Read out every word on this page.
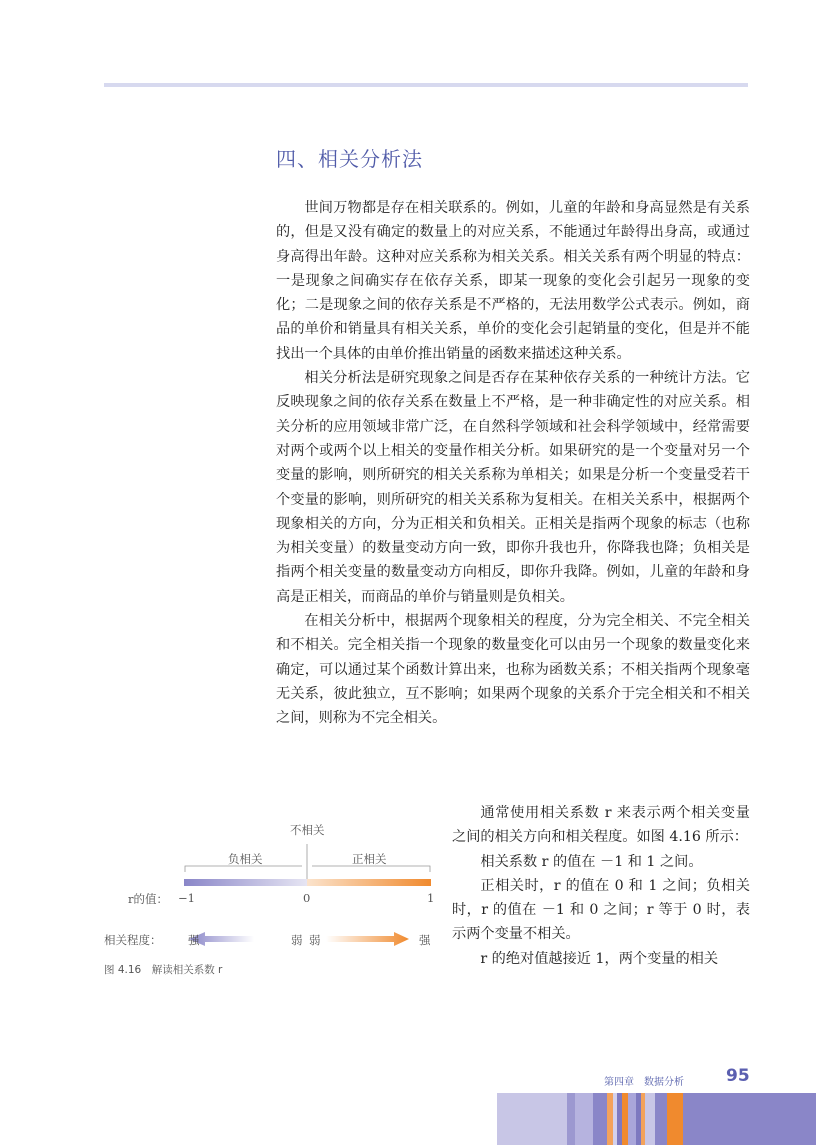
四、相关分析法

世间万物都是存在相关联系的。例如，儿童的年龄和身高显然是有关系的，但是又没有确定的数量上的对应关系，不能通过年龄得出身高，或通过身高得出年龄。这种对应关系称为相关关系。相关关系有两个明显的特点：一是现象之间确实存在依存关系，即某一现象的变化会引起另一现象的变化；二是现象之间的依存关系是不严格的，无法用数学公式表示。例如，商品的单价和销量具有相关关系，单价的变化会引起销量的变化，但是并不能找出一个具体的由单价推出销量的函数来描述这种关系。

相关分析法是研究现象之间是否存在某种依存关系的一种统计方法。它反映现象之间的依存关系在数量上不严格，是一种非确定性的对应关系。相关分析的应用领域非常广泛，在自然科学领域和社会科学领域中，经常需要对两个或两个以上相关的变量作相关分析。如果研究的是一个变量对另一个变量的影响，则所研究的相关关系称为单相关；如果是分析一个变量受若干个变量的影响，则所研究的相关关系称为复相关。在相关关系中，根据两个现象相关的方向，分为正相关和负相关。正相关是指两个现象的标志（也称为相关变量）的数量变动方向一致，即你升我也升，你降我也降；负相关是指两个相关变量的数量变动方向相反，即你升我降。例如，儿童的年龄和身高是正相关，而商品的单价与销量则是负相关。

在相关分析中，根据两个现象相关的程度，分为完全相关、不完全相关和不相关。完全相关指一个现象的数量变化可以由另一个现象的数量变化来确定，可以通过某个函数计算出来，也称为函数关系；不相关指两个现象毫无关系，彼此独立，互不影响；如果两个现象的关系介于完全相关和不相关之间，则称为不完全相关。

不相关
负相关	正相关
r的值： −1	0	1
相关程度： 强	弱 弱	强
图 4.16　解读相关系数 r

通常使用相关系数 r 来表示两个相关变量之间的相关方向和相关程度。如图 4.16 所示：

相关系数 r 的值在 －1 和 1 之间。

正相关时，r 的值在 0 和 1 之间；负相关时，r 的值在 －1 和 0 之间；r 等于 0 时，表示两个变量不相关。

r 的绝对值越接近 1，两个变量的相关

第四章　数据分析 95
